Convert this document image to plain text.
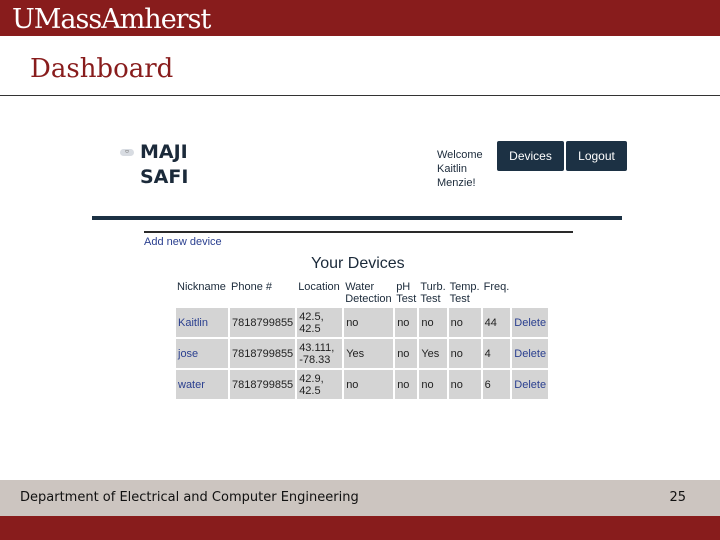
UMassAmherst
Dashboard
⬭ MAJI SAFI
Welcome Kaitlin Menzie!
Devices	Logout
Add new device
Your Devices
Nickname	Phone #	Location	Water Detection	pH Test	Turb. Test	Temp. Test	Freq.	
Kaitlin	7818799855	42.5, 42.5	no	no	no	no	44	Delete
jose	7818799855	43.111, -78.33	Yes	no	Yes	no	4	Delete
water	7818799855	42.9, 42.5	no	no	no	no	6	Delete
Department of Electrical and Computer Engineering	25
